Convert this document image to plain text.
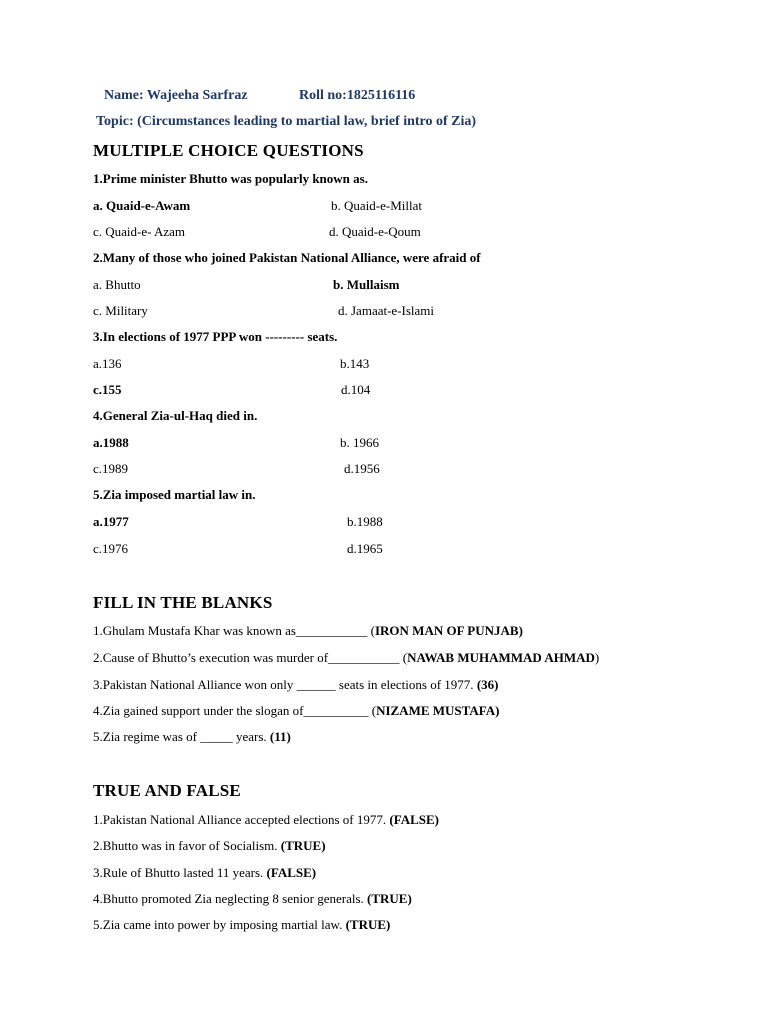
Name: Wajeeha Sarfraz	Roll no:1825116116
Topic: (Circumstances leading to martial law, brief intro of Zia)
MULTIPLE CHOICE QUESTIONS
1.Prime minister Bhutto was popularly known as.
a. Quaid-e-Awam	b. Quaid-e-Millat
c. Quaid-e- Azam	d. Quaid-e-Qoum
2.Many of those who joined Pakistan National Alliance, were afraid of
a. Bhutto	b. Mullaism
c. Military	d. Jamaat-e-Islami
3.In elections of 1977 PPP won --------- seats.
a.136	b.143
c.155	d.104
4.General Zia-ul-Haq died in.
a.1988	b. 1966
c.1989	d.1956
5.Zia imposed martial law in.
a.1977	b.1988
c.1976	d.1965
FILL IN THE BLANKS
1.Ghulam Mustafa Khar was known as___________ (IRON MAN OF PUNJAB)
2.Cause of Bhutto’s execution was murder of___________ (NAWAB MUHAMMAD AHMAD)
3.Pakistan National Alliance won only ______ seats in elections of 1977. (36)
4.Zia gained support under the slogan of__________ (NIZAME MUSTAFA)
5.Zia regime was of _____ years. (11)
TRUE AND FALSE
1.Pakistan National Alliance accepted elections of 1977. (FALSE)
2.Bhutto was in favor of Socialism. (TRUE)
3.Rule of Bhutto lasted 11 years. (FALSE)
4.Bhutto promoted Zia neglecting 8 senior generals. (TRUE)
5.Zia came into power by imposing martial law. (TRUE)
